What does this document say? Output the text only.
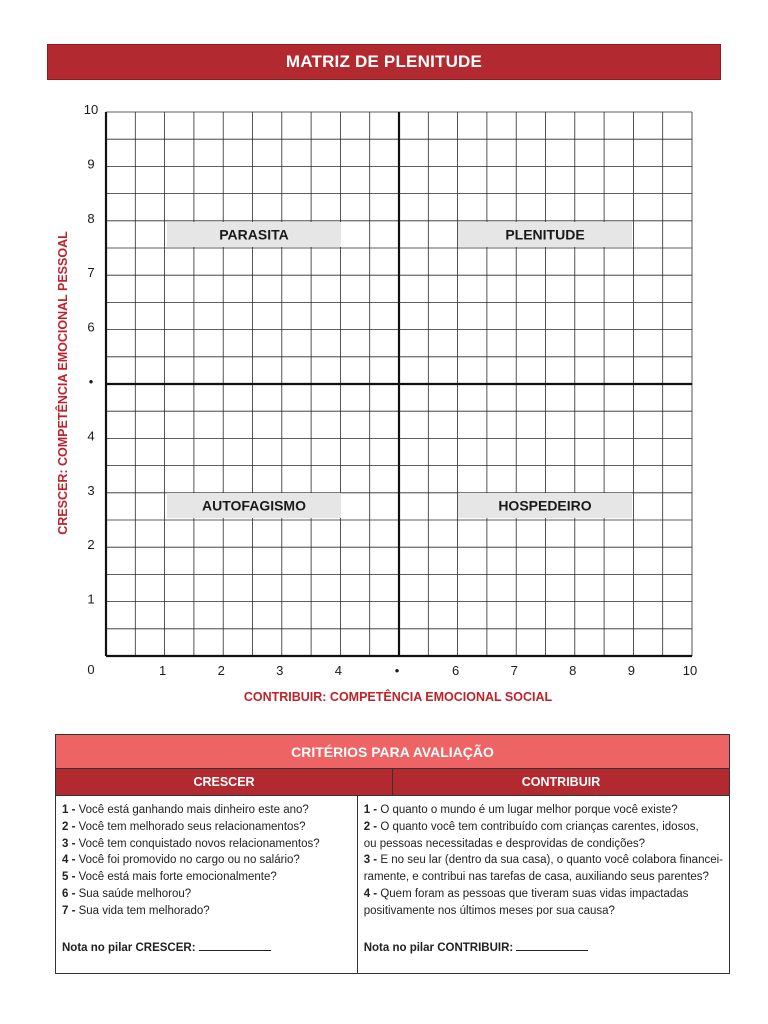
MATRIZ DE PLENITUDE
PARASITA	PLENITUDE
AUTOFAGISMO	HOSPEDEIRO
10
9
8
7
6
•
4
3
2
1
1	2	3	4	•	6	7	8	9	10
0
CRESCER: COMPETÊNCIA EMOCIONAL PESSOAL
CONTRIBUIR: COMPETÊNCIA EMOCIONAL SOCIAL
CRITÉRIOS PARA AVALIAÇÃO
CRESCER	CONTRIBUIR
1 - Você está ganhando mais dinheiro este ano?
2 - Você tem melhorado seus relacionamentos?
3 - Você tem conquistado novos relacionamentos?
4 - Você foi promovido no cargo ou no salário?
5 - Você está mais forte emocionalmente?
6 - Sua saúde melhorou?
7 - Sua vida tem melhorado?
Nota no pilar CRESCER:
1 - O quanto o mundo é um lugar melhor porque você existe?
2 - O quanto você tem contribuído com crianças carentes, idosos,
ou pessoas necessitadas e desprovidas de condições?
3 - E no seu lar (dentro da sua casa), o quanto você colabora financei-
ramente, e contribui nas tarefas de casa, auxiliando seus parentes?
4 - Quem foram as pessoas que tiveram suas vidas impactadas
positivamente nos últimos meses por sua causa?
Nota no pilar CONTRIBUIR:
